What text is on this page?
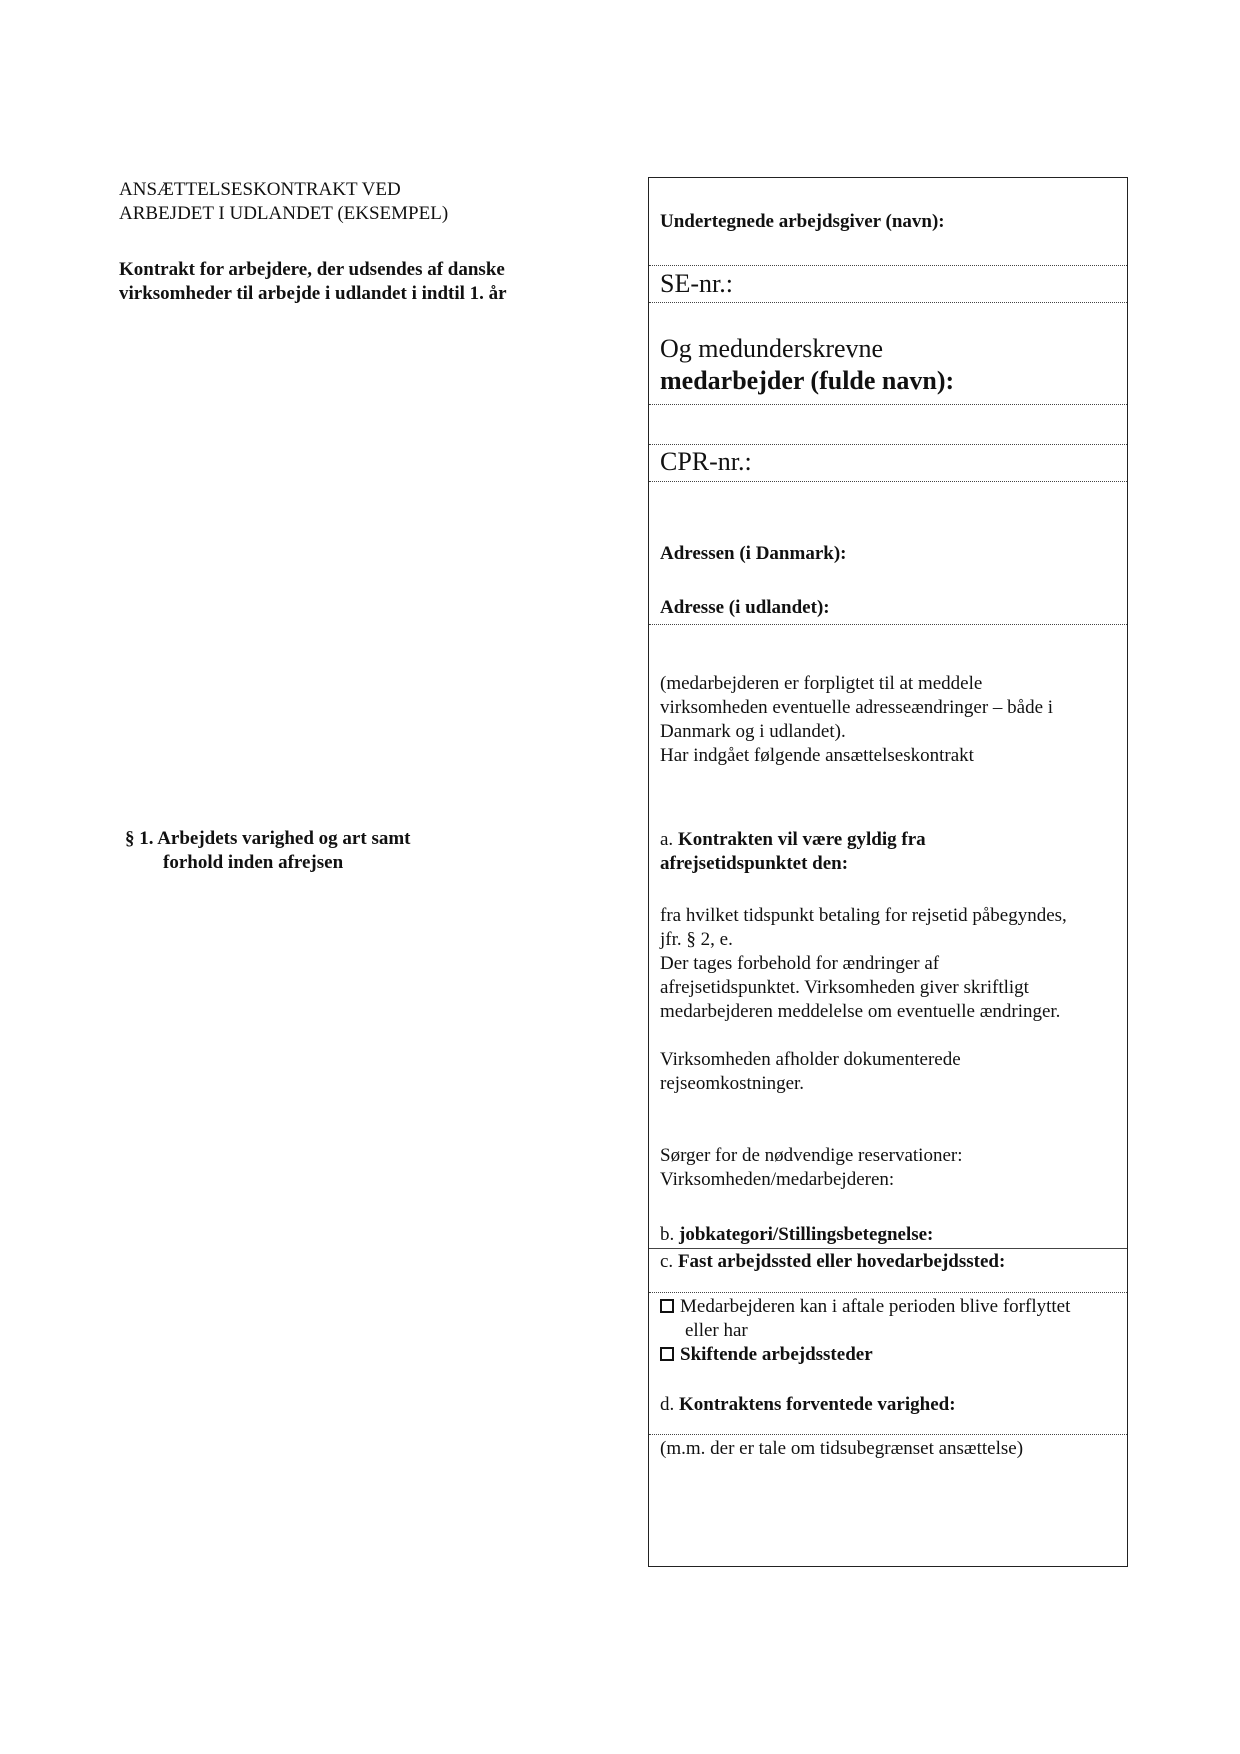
ANSÆTTELSESKONTRAKT VED

ARBEJDET I UDLANDET (EKSEMPEL)

Kontrakt for arbejdere, der udsendes af danske

virksomheder til arbejde i udlandet i indtil 1. år

§ 1. Arbejdets varighed og art samt
forhold inden afrejsen
Undertegnede arbejdsgiver (navn):
SE-nr.:

Og medunderskrevne

medarbejder (fulde navn):

CPR-nr.:
Adressen (i Danmark):
Adresse (i udlandet):

(medarbejderen er forpligtet til at meddele

virksomheden eventuelle adresseændringer – både i

Danmark og i udlandet).

Har indgået følgende ansættelseskontrakt

a. Kontrakten vil være gyldig fra

afrejsetidspunktet den:

fra hvilket tidspunkt betaling for rejsetid påbegyndes,

jfr. § 2, e.

Der tages forbehold for ændringer af

afrejsetidspunktet. Virksomheden giver skriftligt

medarbejderen meddelelse om eventuelle ændringer.

Virksomheden afholder dokumenterede

rejseomkostninger.

Sørger for de nødvendige reservationer:

Virksomheden/medarbejderen:

b. jobkategori/Stillingsbetegnelse:
c. Fast arbejdssted eller hovedarbejdssted:

Medarbejderen kan i aftale perioden blive forflyttet

eller har

Skiftende arbejdssteder

d. Kontraktens forventede varighed:
(m.m. der er tale om tidsubegrænset ansættelse)
